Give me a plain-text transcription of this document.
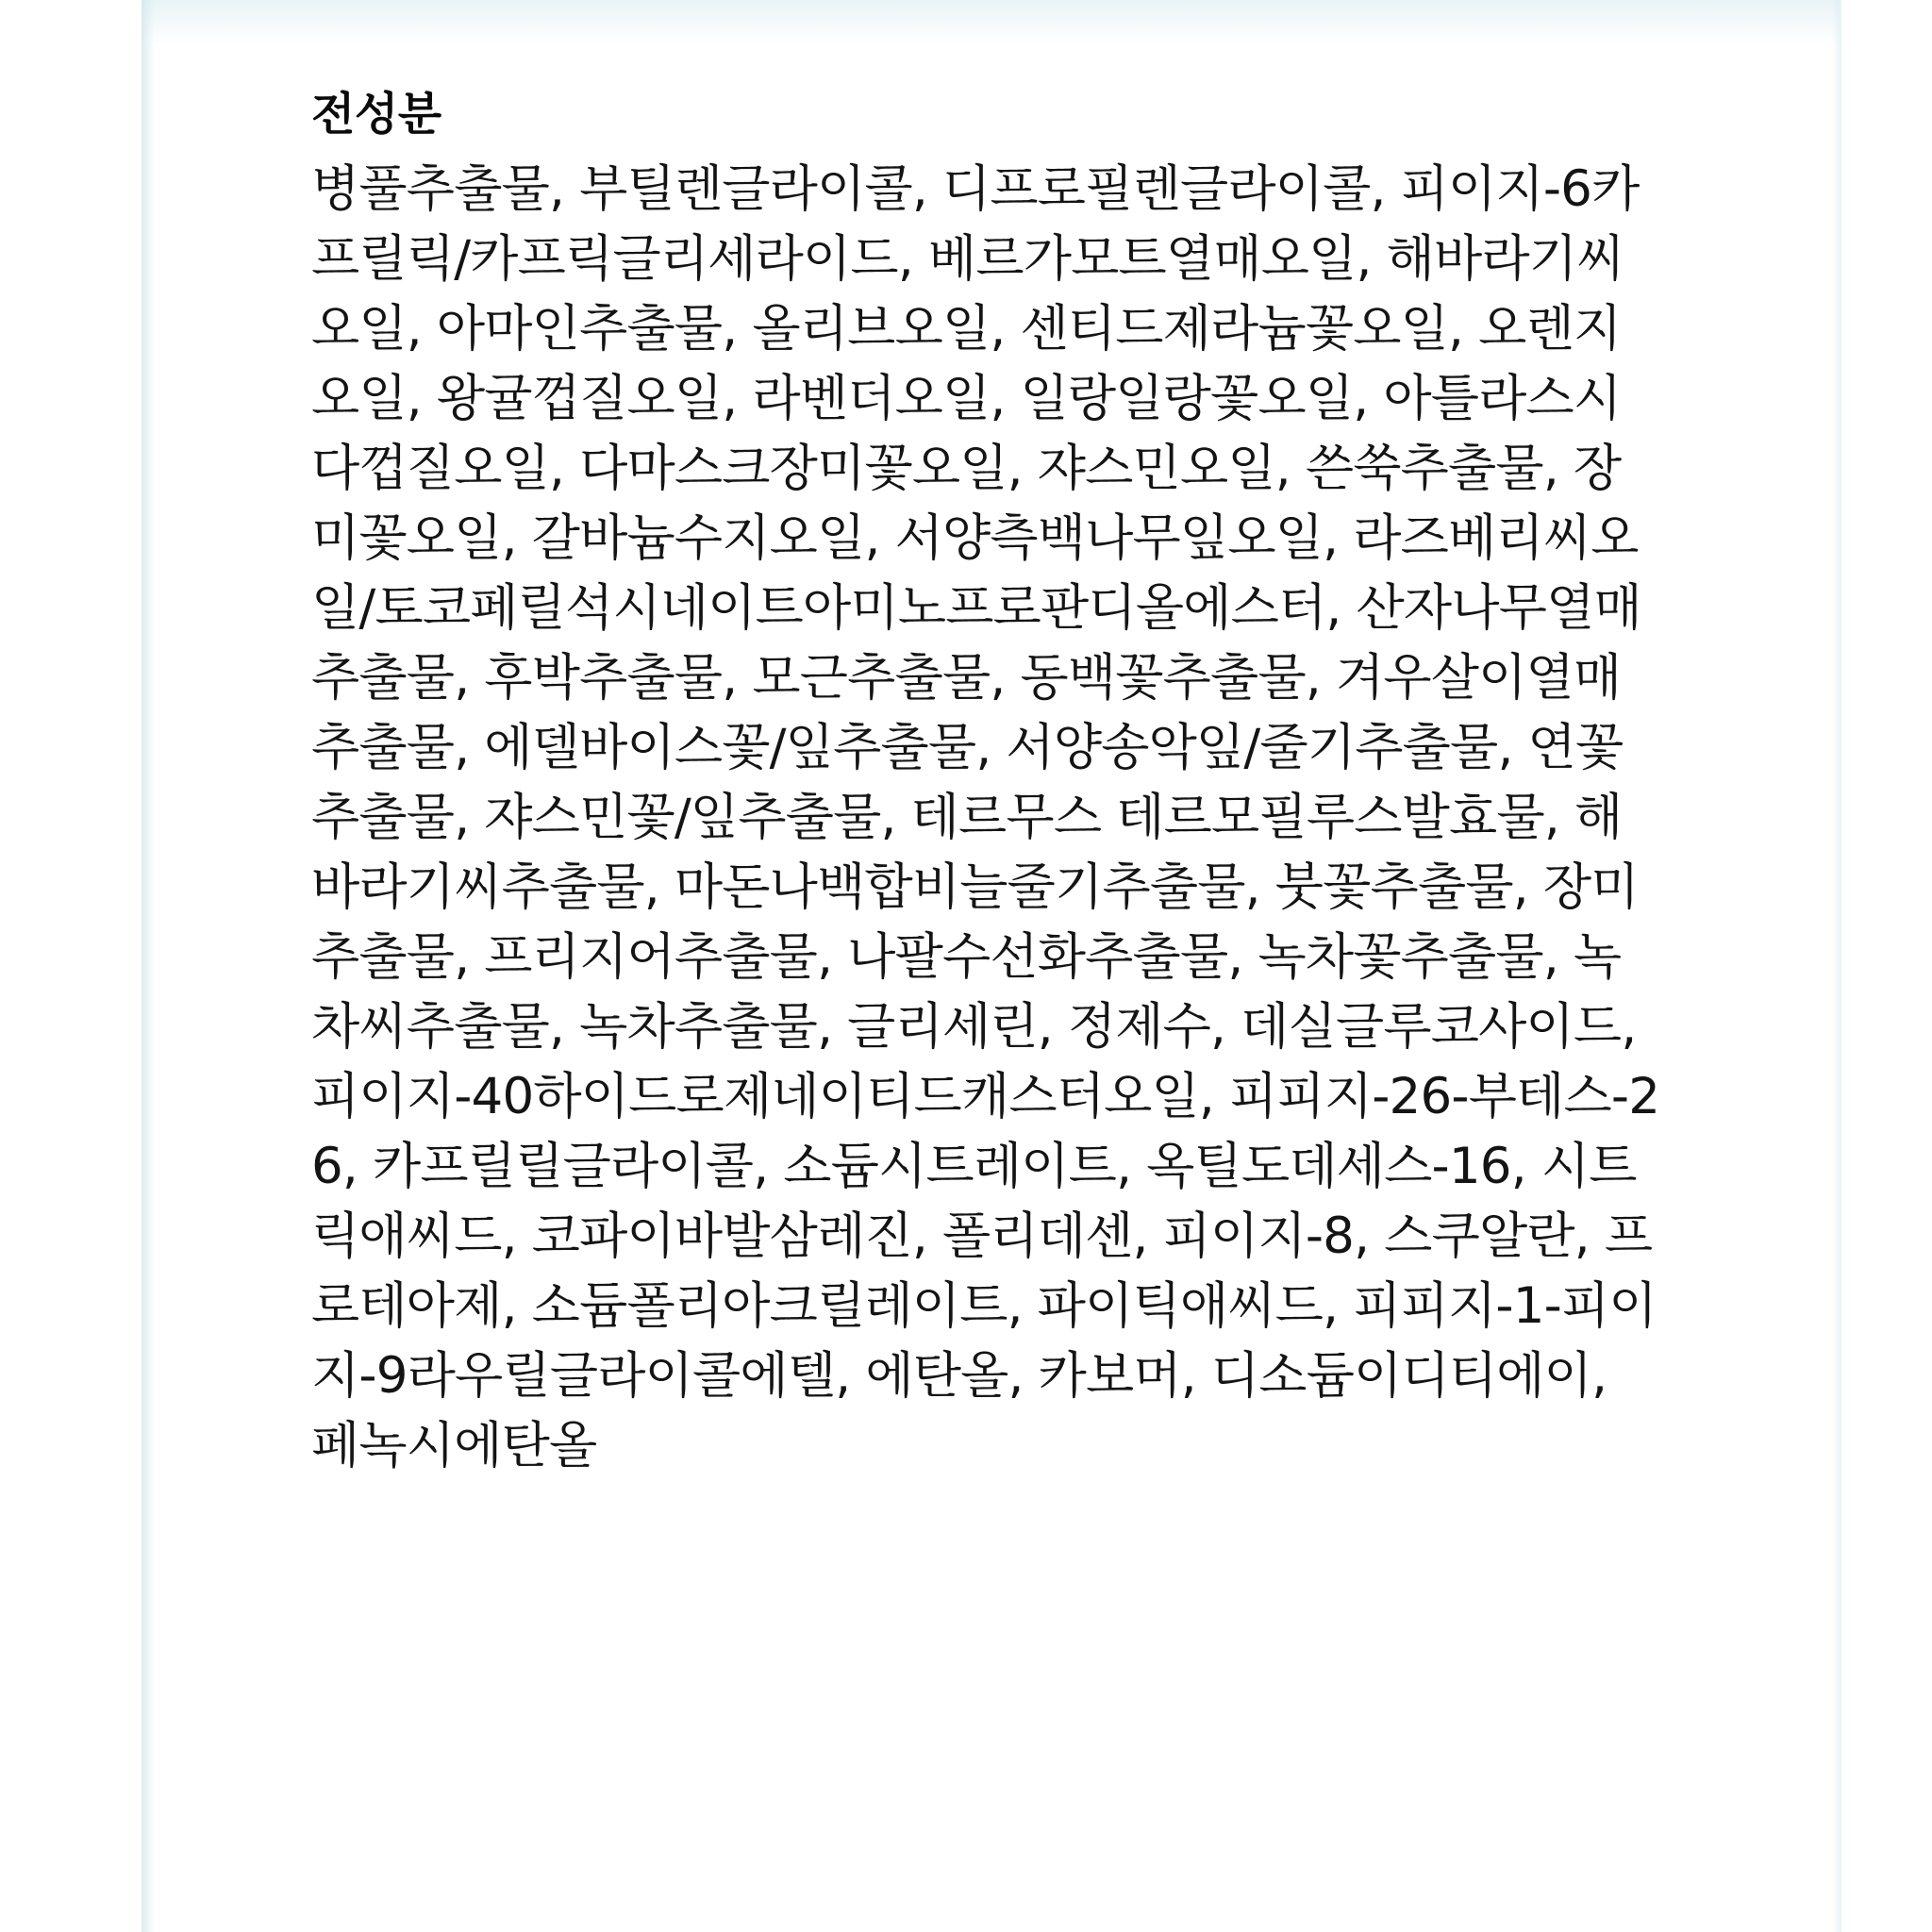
전성분

병풀추출물, 부틸렌글라이콜, 디프로필렌글라이콜, 피이지-6카프릴릭/카프릭글리세라이드, 베르가모트열매오일, 해바라기씨오일, 아마인추출물, 올리브오일, 센티드제라늄꽃오일, 오렌지오일, 왕귤껍질오일, 라벤더오일, 일랑일랑꽃오일, 아틀라스시다껍질오일, 다마스크장미꽃오일, 쟈스민오일, 쓴쑥추출물, 장미꽃오일, 갈바늄수지오일, 서양측백나무잎오일, 라즈베리씨오일/토코페릴석시네이트아미노프로판디올에스터, 산자나무열매추출물, 후박추출물, 모근추출물, 동백꽃추출물, 겨우살이열매추출물, 에델바이스꽃/잎추출물, 서양송악잎/줄기추출물, 연꽃추출물, 쟈스민꽃/잎추출물, 테르무스 테르모필루스발효물, 해바라기씨추출물, 마돈나백합비늘줄기추출물, 붓꽃추출물, 장미추출물, 프리지어추출물, 나팔수선화추출물, 녹차꽃추출물, 녹차씨추출물, 녹차추출물, 글리세린, 정제수, 데실글루코사이드, 피이지-40하이드로제네이티드캐스터오일, 피피지-26-부테스-26, 카프릴릴글라이콜, 소듐시트레이트, 옥틸도데세스-16, 시트릭애씨드, 코파이바발삼레진, 폴리데센, 피이지-8, 스쿠알란, 프로테아제, 소듐폴리아크릴레이트, 파이틱애씨드, 피피지-1-피이지-9라우릴글라이콜에텔, 에탄올, 카보머, 디소듐이디티에이, 페녹시에탄올
